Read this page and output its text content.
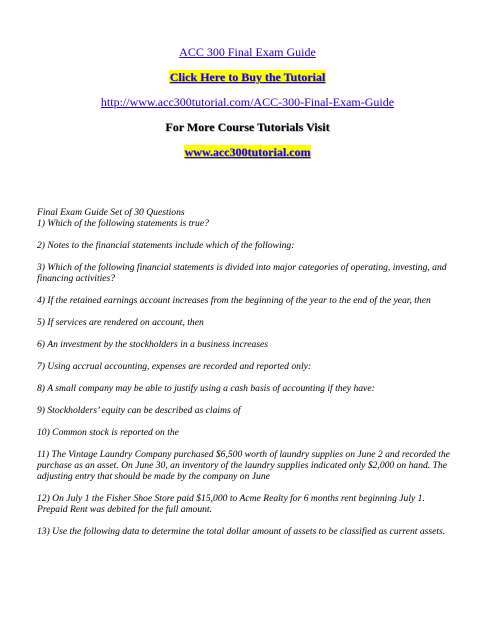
ACC 300 Final Exam Guide
Click Here to Buy the Tutorial
http://www.acc300tutorial.com/ACC-300-Final-Exam-Guide
For More Course Tutorials Visit
www.acc300tutorial.com

Final Exam Guide Set of 30 Questions

1) Which of the following statements is true?

2) Notes to the financial statements include which of the following:

3) Which of the following financial statements is divided into major categories of operating, investing, and financing activities?

4) If the retained earnings account increases from the beginning of the year to the end of the year, then

5) If services are rendered on account, then

6) An investment by the stockholders in a business increases

7) Using accrual accounting, expenses are recorded and reported only:

8) A small company may be able to justify using a cash basis of accounting if they have:

9) Stockholders’ equity can be described as claims of

10) Common stock is reported on the

11) The Vintage Laundry Company purchased $6,500 worth of laundry supplies on June 2 and recorded the purchase as an asset. On June 30, an inventory of the laundry supplies indicated only $2,000 on hand. The adjusting entry that should be made by the company on June

12) On July 1 the Fisher Shoe Store paid $15,000 to Acme Realty for 6 months rent beginning July 1. Prepaid Rent was debited for the full amount.

13) Use the following data to determine the total dollar amount of assets to be classified as current assets.
